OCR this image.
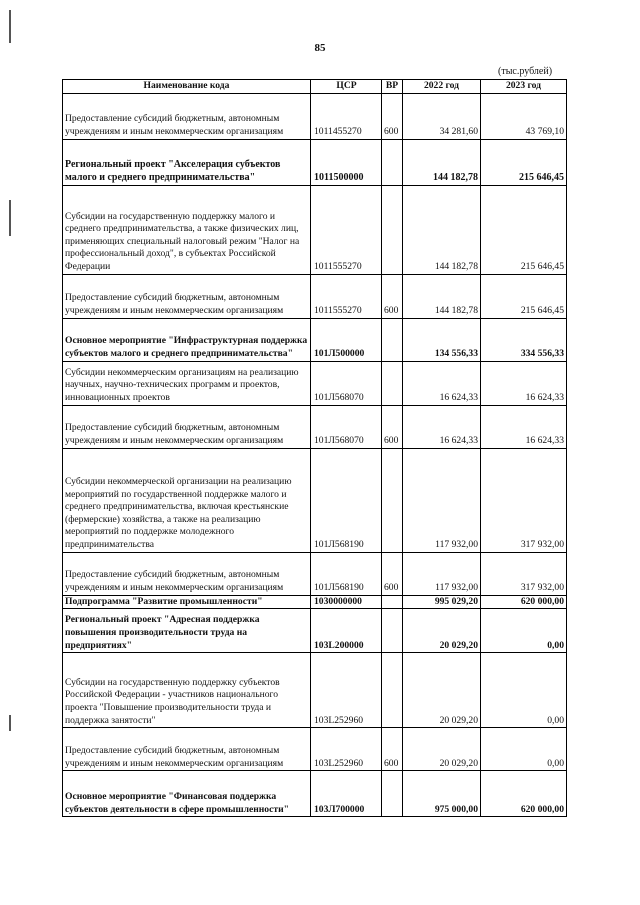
85
(тыс.рублей)
Наименование кода	ЦСР	ВР	2022 год	2023 год
Предоставление субсидий бюджетным, автономным учреждениям и иным некоммерческим организациям	1011455270	600	34 281,60	43 769,10
Региональный проект "Акселерация субъектов малого и среднего предпринимательства"	1011500000		144 182,78	215 646,45
Субсидии на государственную поддержку малого и среднего предпринимательства, а также физических лиц, применяющих специальный налоговый режим "Налог на профессиональный доход", в субъектах Российской Федерации	1011555270		144 182,78	215 646,45
Предоставление субсидий бюджетным, автономным учреждениям и иным некоммерческим организациям	1011555270	600	144 182,78	215 646,45
Основное мероприятие "Инфраструктурная поддержка субъектов малого и среднего предпринимательства"	101Л500000		134 556,33	334 556,33
Субсидии некоммерческим организациям на реализацию научных, научно-технических программ и проектов, инновационных проектов	101Л568070		16 624,33	16 624,33
Предоставление субсидий бюджетным, автономным учреждениям и иным некоммерческим организациям	101Л568070	600	16 624,33	16 624,33
Субсидии некоммерческой организации на реализацию мероприятий по государственной поддержке малого и среднего предпринимательства, включая крестьянские (фермерские) хозяйства, а также на реализацию мероприятий по поддержке молодежного предпринимательства	101Л568190		117 932,00	317 932,00
Предоставление субсидий бюджетным, автономным учреждениям и иным некоммерческим организациям	101Л568190	600	117 932,00	317 932,00
Подпрограмма "Развитие промышленности"	1030000000		995 029,20	620 000,00
Региональный проект "Адресная поддержка повышения производительности труда на предприятиях"	103L200000		20 029,20	0,00
Субсидии на государственную поддержку субъектов Российской Федерации - участников национального проекта "Повышение производительности труда и поддержка занятости"	103L252960		20 029,20	0,00
Предоставление субсидий бюджетным, автономным учреждениям и иным некоммерческим организациям	103L252960	600	20 029,20	0,00
Основное мероприятие "Финансовая поддержка субъектов деятельности в сфере промышленности"	103Л700000		975 000,00	620 000,00
